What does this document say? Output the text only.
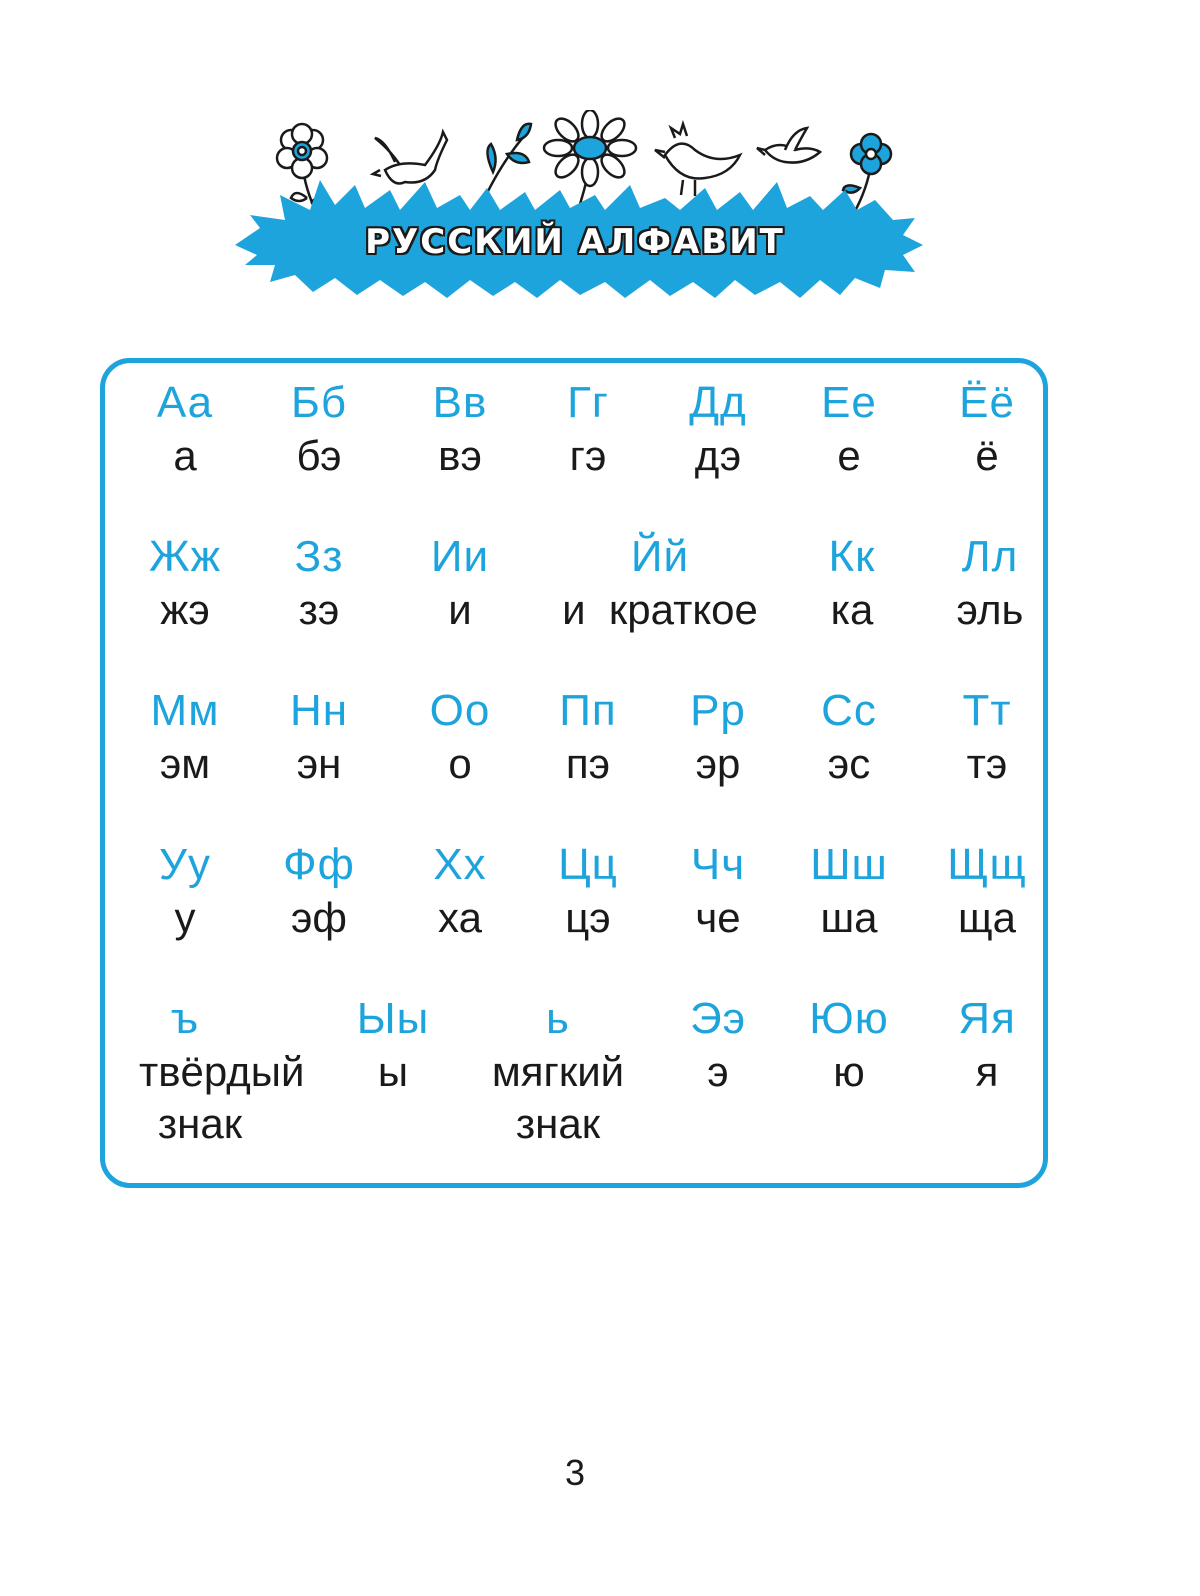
РУССКИЙ АЛФАВИТ
Аа
а
Бб
бэ
Вв
вэ
Гг
гэ
Дд
дэ
Ее
е
Ёё
ё
Жж
жэ
Зз
зэ
Ии
и
Йй
и  краткое
Кк
ка
Лл
эль
Мм
эм
Нн
эн
Оо
о
Пп
пэ
Рр
эр
Сс
эс
Тт
тэ
Уу
у
Фф
эф
Хх
ха
Цц
цэ
Чч
че
Шш
ша
Щщ
ща
ъ
твёрдый
знак
Ыы
ы
ь
мягкий
знак
Ээ
э
Юю
ю
Яя
я
3
